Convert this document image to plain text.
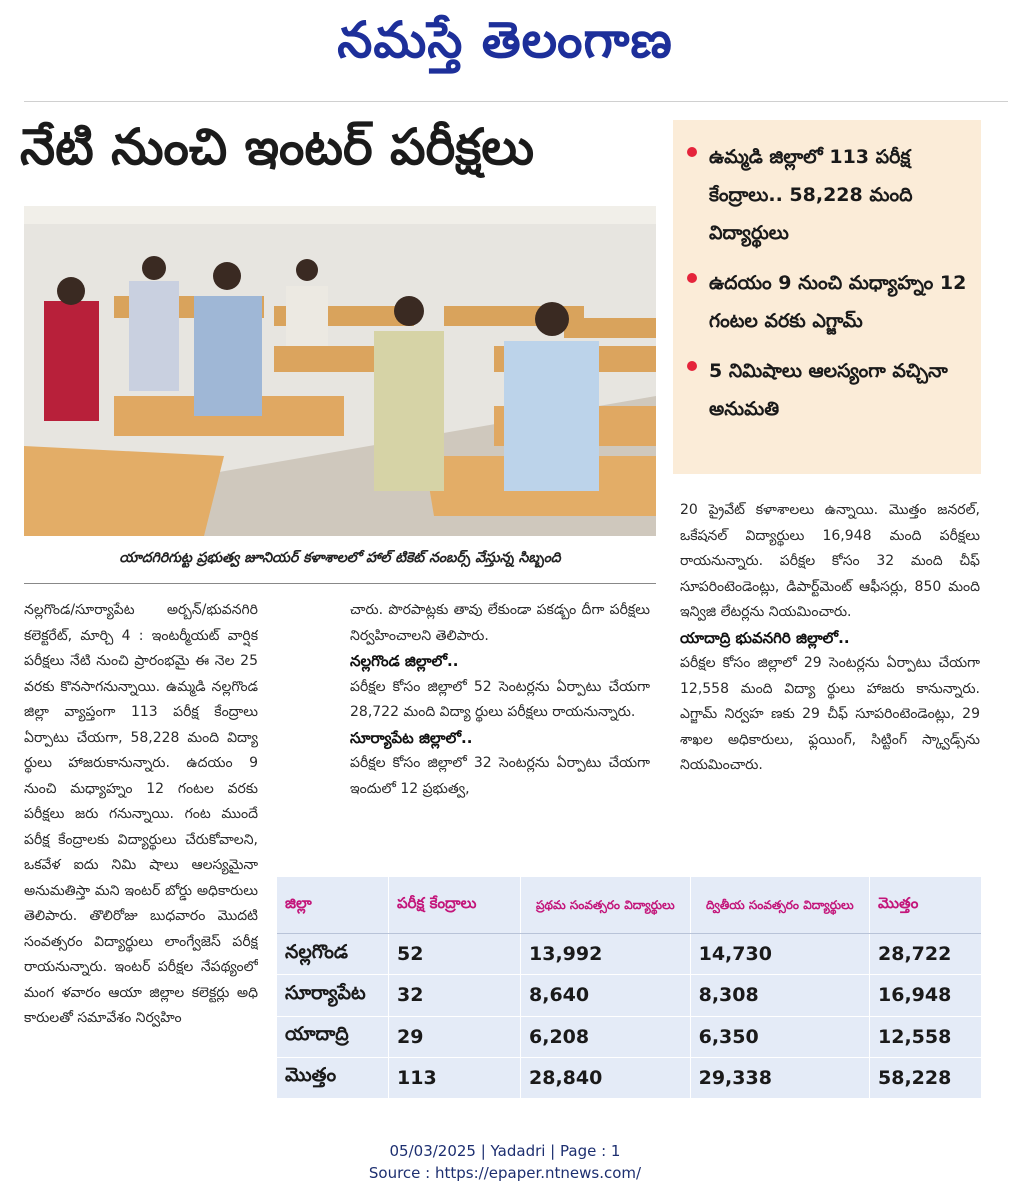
నమస్తే తెలంగాణ
నేటి నుంచి ఇంటర్ పరీక్షలు
యాదగిరిగుట్ట ప్రభుత్వ జూనియర్ కళాశాలలో హాల్ టికెట్ నంబర్స్ వేస్తున్న సిబ్బంది

ఉమ్మడి జిల్లాలో 113 పరీక్ష కేంద్రాలు.. 58,228 మంది విద్యార్థులు

ఉదయం 9 నుంచి మధ్యాహ్నం 12 గంటల వరకు ఎగ్జామ్

5 నిమిషాలు ఆలస్యంగా వచ్చినా అనుమతి

నల్లగొండ/సూర్యాపేట అర్బన్/భువనగిరి కలెక్టరేట్, మార్చి 4 : ఇంటర్మీయట్ వార్షిక పరీక్షలు నేటి నుంచి ప్రారంభమై ఈ నెల 25 వరకు కొనసాగనున్నాయి. ఉమ్మడి నల్లగొండ జిల్లా వ్యాప్తంగా 113 పరీక్ష కేంద్రాలు ఏర్పాటు చేయగా, 58,228 మంది విద్యా ర్థులు హాజరుకానున్నారు. ఉదయం 9 నుంచి మధ్యాహ్నం 12 గంటల వరకు పరీక్షలు జరు గనున్నాయి. గంట ముందే పరీక్ష కేంద్రాలకు విద్యార్థులు చేరుకోవాలని, ఒకవేళ ఐదు నిమి షాలు ఆలస్యమైనా అనుమతిస్తా మని ఇంటర్ బోర్డు అధికారులు తెలిపారు. తొలిరోజు బుధవారం మొదటి సంవత్సరం విద్యార్థులు లాంగ్వేజెస్ పరీక్ష రాయనున్నారు. ఇంటర్ పరీక్షల నేపథ్యంలో మంగ ళవారం ఆయా జిల్లాల కలెక్టర్లు అధి కారులతో సమావేశం నిర్వహిం

చారు. పొరపాట్లకు తావు లేకుండా పకడ్బం దీగా పరీక్షలు నిర్వహించాలని తెలిపారు.

నల్లగొండ జిల్లాలో..

పరీక్షల కోసం జిల్లాలో 52 సెంటర్లను ఏర్పాటు చేయగా 28,722 మంది విద్యా ర్థులు పరీక్షలు రాయనున్నారు.

సూర్యాపేట జిల్లాలో..

పరీక్షల కోసం జిల్లాలో 32 సెంటర్లను ఏర్పాటు చేయగా ఇందులో 12 ప్రభుత్వ,

20 ప్రైవేట్ కళాశాలలు ఉన్నాయి. మొత్తం జనరల్, ఒకేషనల్ విద్యార్థులు 16,948 మంది పరీక్షలు రాయనున్నారు. పరీక్షల కోసం 32 మంది చీఫ్ సూపరింటెండెంట్లు, డిపార్ట్‌మెంట్ ఆఫీసర్లు, 850 మంది ఇన్విజి లేటర్లను నియమించారు.

యాదాద్రి భువనగిరి జిల్లాలో..

పరీక్షల కోసం జిల్లాలో 29 సెంటర్లను ఏర్పాటు చేయగా 12,558 మంది విద్యా ర్థులు హాజరు కానున్నారు. ఎగ్జామ్ నిర్వహ ణకు 29 చీఫ్ సూపరింటెండెంట్లు, 29 శాఖల అధికారులు, ఫ్లయింగ్, సిట్టింగ్ స్క్వాడ్స్‌ను నియమించారు.

జిల్లా	పరీక్ష కేంద్రాలు	ప్రథమ సంవత్సరం విద్యార్థులు	ద్వితీయ సంవత్సరం విద్యార్థులు	మొత్తం
నల్లగొండ	52	13,992	14,730	28,722
సూర్యాపేట	32	8,640	8,308	16,948
యాదాద్రి	29	6,208	6,350	12,558
మొత్తం	113	28,840	29,338	58,228
05/03/2025 | Yadadri | Page : 1
Source : https://epaper.ntnews.com/
